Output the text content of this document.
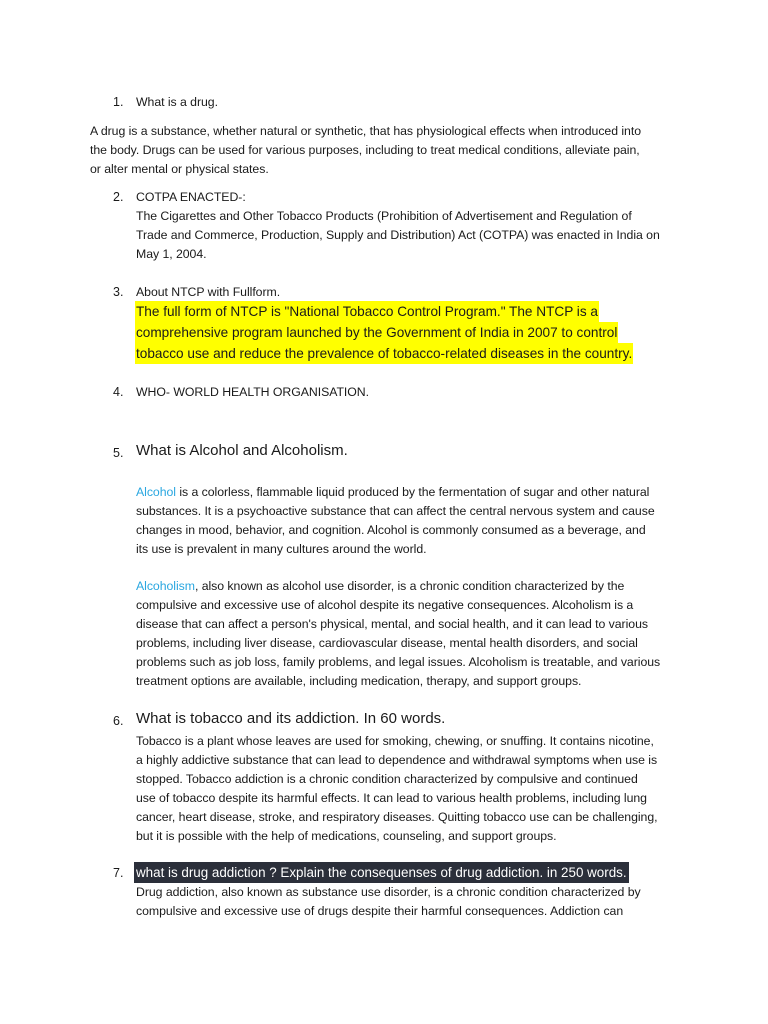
1. What is a drug.
A drug is a substance, whether natural or synthetic, that has physiological effects when introduced into
the body. Drugs can be used for various purposes, including to treat medical conditions, alleviate pain,
or alter mental or physical states.
2. COTPA ENACTED-:
The Cigarettes and Other Tobacco Products (Prohibition of Advertisement and Regulation of
Trade and Commerce, Production, Supply and Distribution) Act (COTPA) was enacted in India on
May 1, 2004.
3. About NTCP with Fullform.
The full form of NTCP is "National Tobacco Control Program." The NTCP is a
comprehensive program launched by the Government of India in 2007 to control
tobacco use and reduce the prevalence of tobacco-related diseases in the country.
4. WHO- WORLD HEALTH ORGANISATION.
5. What is Alcohol and Alcoholism.
Alcohol is a colorless, flammable liquid produced by the fermentation of sugar and other natural
substances. It is a psychoactive substance that can affect the central nervous system and cause
changes in mood, behavior, and cognition. Alcohol is commonly consumed as a beverage, and
its use is prevalent in many cultures around the world.
Alcoholism, also known as alcohol use disorder, is a chronic condition characterized by the
compulsive and excessive use of alcohol despite its negative consequences. Alcoholism is a
disease that can affect a person's physical, mental, and social health, and it can lead to various
problems, including liver disease, cardiovascular disease, mental health disorders, and social
problems such as job loss, family problems, and legal issues. Alcoholism is treatable, and various
treatment options are available, including medication, therapy, and support groups.
6. What is tobacco and its addiction. In 60 words.
Tobacco is a plant whose leaves are used for smoking, chewing, or snuffing. It contains nicotine,
a highly addictive substance that can lead to dependence and withdrawal symptoms when use is
stopped. Tobacco addiction is a chronic condition characterized by compulsive and continued
use of tobacco despite its harmful effects. It can lead to various health problems, including lung
cancer, heart disease, stroke, and respiratory diseases. Quitting tobacco use can be challenging,
but it is possible with the help of medications, counseling, and support groups.
7. what is drug addiction ? Explain the consequenses of drug addiction. in 250 words.
Drug addiction, also known as substance use disorder, is a chronic condition characterized by
compulsive and excessive use of drugs despite their harmful consequences. Addiction can
